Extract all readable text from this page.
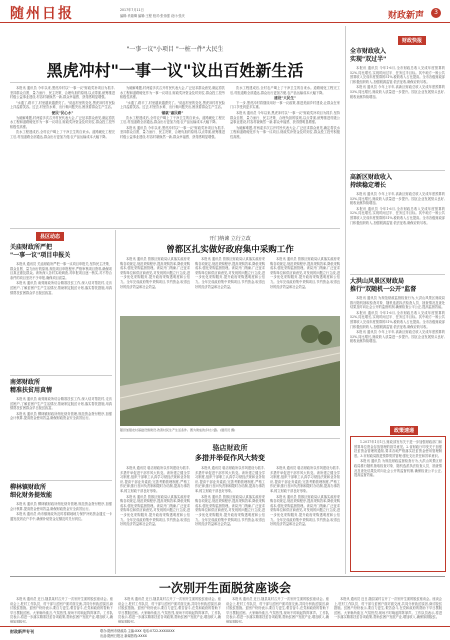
随州日报	2017年7月11日
编辑:肖瑞卿 编辑:王程 校对:张伟强 设计:张庆	财政新声	3
"一事一议"小项目 "一桩一件"大民生
黑虎冲村"一事一议"议出百姓新生活

本报讯 通讯员 今年以来,黑虎冲村以"一事一议"财政奖补项目为抓手,坚持群众自愿、量力而行、民主决策、合理负担的原则,以点带面,统筹推进村级公益事业建设,村容村貌焕然一新,群众幸福感、获得感明显增强。

"水通了,路平了,村里越来越漂亮了。"说起村里的变化,黑虎冲村村民脸上洋溢着笑容。过去,村里饮水难、出行难问题突出,困扰着群众生产生活。

便民"民心水"

为破解难题,村两委多次召开村民代表大会,广泛征求群众意见,确定将饮水工程和道路硬化作为一事一议项目,财政奖补资金及时到位,群众投工投劳积极性高涨。

饮水工程建成后,全村农户喝上了干净卫生的自来水。道路硬化工程完工后,村组道路全部通达,群众出行更加方便,农产品运输成本大幅下降。

为破解难题,村两委多次召开村民代表大会,广泛征求群众意见,确定将饮水工程和道路硬化作为一事一议项目,财政奖补资金及时到位,群众投工投劳积极性高涨。

"水通了,路平了,村里越来越漂亮了。"说起村里的变化,黑虎冲村村民脸上洋溢着笑容。过去,村里饮水难、出行难问题突出,困扰着群众生产生活。

铺就"惠民路"

饮水工程建成后,全村农户喝上了干净卫生的自来水。道路硬化工程完工后,村组道路全部通达,群众出行更加方便,农产品运输成本大幅下降。

本报讯 通讯员 今年以来,黑虎冲村以"一事一议"财政奖补项目为抓手,坚持群众自愿、量力而行、民主决策、合理负担的原则,以点带面,统筹推进村级公益事业建设,村容村貌焕然一新,群众幸福感、获得感明显增强。

饮水工程建成后,全村农户喝上了干净卫生的自来水。道路硬化工程完工后,村组道路全部通达,群众出行更加方便,农产品运输成本大幅下降。

建设"大民生"

下一步,黑虎冲村将继续用好一事一议政策,推进美丽乡村建设,让群众在家门口享受到更多实惠。

本报讯 通讯员 今年以来,黑虎冲村以"一事一议"财政奖补项目为抓手,坚持群众自愿、量力而行、民主决策、合理负担的原则,以点带面,统筹推进村级公益事业建设,村容村貌焕然一新,群众幸福感、获得感明显增强。

为破解难题,村两委多次召开村民代表大会,广泛征求群众意见,确定将饮水工程和道路硬化作为一事一议项目,财政奖补资金及时到位,群众投工投劳积极性高涨。

财政快报
全市财政收入
实现"双过半"

本报讯 通讯员 今年1-6月,全市财政总收入完成年度预算的52%,同比增长,实现时间过半、任务过半目标。其中地方一般公共预算收入完成年度预算的51%,税收收入占比提高。全市各级财政部门积极组织收入,加强税源监管,依法征收,确保应收尽收。

本报讯 通讯员 今年上半年,高新区财政总收入完成年度预算的53%,同比增长,财政收入质量进一步提升。园区企业发展势头良好,税收贡献持续增加。

高新区财政收入
持续稳定增长

本报讯 通讯员 今年上半年,高新区财政总收入完成年度预算的53%,同比增长,财政收入质量进一步提升。园区企业发展势头良好,税收贡献持续增加。

本报讯 通讯员 今年1-6月,全市财政总收入完成年度预算的52%,同比增长,实现时间过半、任务过半目标。其中地方一般公共预算收入完成年度预算的51%,税收收入占比提高。全市各级财政部门积极组织收入,加强税源监管,依法征收,确保应收尽收。

大洪山风景区财政局
推行"双随机一公开"监督

本报讯 通讯员 为规范财政监督检查行为,大洪山风景区财政局推行随机抽取检查对象、随机选派执法检查人员、抽查情况及查处结果及时向社会公开的监督机制,确保检查公平公正,提高监督效能。

本报讯 通讯员 今年1-6月,全市财政总收入完成年度预算的52%,同比增长,实现时间过半、任务过半目标。其中地方一般公共预算收入完成年度预算的51%,税收收入占比提高。全市各级财政部门积极组织收入,加强税源监管,依法征收,确保应收尽收。

本报讯 通讯员 今年上半年,高新区财政总收入完成年度预算的53%,同比增长,财政收入质量进一步提升。园区企业发展势头良好,税收贡献持续增加。

政策速递

1.2017年1月1日,财政部发布关于进一步加强财政部门和预算单位资金存放管理的指导意见。2.省财政厅印发关于加强扶贫资金管理的通知,要求各地严格落实扶贫资金使用管理制度。3.市财政局推进预算绩效管理,强化支出责任和效率意识。

本报讯 通讯员 为规范财政监督检查行为,大洪山风景区财政局推行随机抽取检查对象、随机选派执法检查人员、抽查情况及查处结果及时向社会公开的监督机制,确保检查公平公正,提高监督效能。

县区动态
关庙财政所严把
"一事一议"项目申报关

本报讯 通讯员 关庙财政所严把一事一议项目申报关,坚持民主决策、群众自愿、量力而行的原则,规范项目申报程序,严格审核项目资料,确保项目真正惠及群众。该所深入各村实地调查,对申报项目逐一核实,对不符合条件的项目坚决不予申报,确保项目质量。

本报讯 通讯员 南郊财政所结合精准扶贫工作,深入结对帮扶村,走访贫困户,了解贫困户生产生活情况,帮助制定脱贫计划,落实帮扶措施,用真情帮扶贫困群众早日脱贫致富。

南郊财政所
精准扶贫用真情

本报讯 通讯员 南郊财政所结合精准扶贫工作,深入结对帮扶村,走访贫困户,了解贫困户生产生活情况,帮助制定脱贫计划,落实帮扶措施,用真情帮扶贫困群众早日脱贫致富。

本报讯 通讯员 柳林镇财政所细化财务管理,规范资金拨付程序,加强会计核算,提高资金使用效益,确保财政资金安全高效运行。

柳林镇财政所
细化财务提效能

本报讯 通讯员 柳林镇财政所细化财务管理,规范资金拨付程序,加强会计核算,提高资金使用效益,确保财政资金安全高效运行。

本报讯 通讯员 尚市镇财政所及时将耕地地力保护补贴资金通过一卡通发放到农户手中,确保补贴资金足额及时兑付到位。

开门纳谏 立行立改
曾都区扎实做好政府集中采购工作

本报讯 通讯员 曾都区财政局认真落实政府采购各项规定,规范采购程序,提高采购效率,降低采购成本,强化采购监督管理。该局开门纳谏,广泛征求采购单位和供应商意见,对发现的问题立行立改,进一步优化采购服务,提升政府采购透明度和公信力。全年完成政府集中采购项目,节约资金,取得良好的经济效益和社会效益。

本报讯 通讯员 曾都区财政局认真落实政府采购各项规定,规范采购程序,提高采购效率,降低采购成本,强化采购监督管理。该局开门纳谏,广泛征求采购单位和供应商意见,对发现的问题立行立改,进一步优化采购服务,提升政府采购透明度和公信力。全年完成政府集中采购项目,节约资金,取得良好的经济效益和社会效益。

本报讯 通讯员 曾都区财政局认真落实政府采购各项规定,规范采购程序,提高采购效率,降低采购成本,强化采购监督管理。该局开门纳谏,广泛征求采购单位和供应商意见,对发现的问题立行立改,进一步优化采购服务,提升政府采购透明度和公信力。全年完成政府集中采购项目,节约资金,取得良好的经济效益和社会效益。

随县加强农村基础设施建设,改善村民生产生活条件。图为建成的乡村公路。(通讯员 摄)
骆店财政所
多措并举促作风大转变

本报讯 通讯员 骆店财政所以作风建设为抓手,多措并举促进干部作风大转变。该所建立健全学习制度,组织干部职工认真学习财经法规和业务知识,提高干部业务素质;完善考勤管理制度,严格工作纪律;推行首问负责制和限时办结制,提高办事效率,树立财政干部良好形象。

本报讯 通讯员 曾都区财政局认真落实政府采购各项规定,规范采购程序,提高采购效率,降低采购成本,强化采购监督管理。该局开门纳谏,广泛征求采购单位和供应商意见,对发现的问题立行立改,进一步优化采购服务,提升政府采购透明度和公信力。全年完成政府集中采购项目,节约资金,取得良好的经济效益和社会效益。

本报讯 通讯员 骆店财政所以作风建设为抓手,多措并举促进干部作风大转变。该所建立健全学习制度,组织干部职工认真学习财经法规和业务知识,提高干部业务素质;完善考勤管理制度,严格工作纪律;推行首问负责制和限时办结制,提高办事效率,树立财政干部良好形象。

本报讯 通讯员 曾都区财政局认真落实政府采购各项规定,规范采购程序,提高采购效率,降低采购成本,强化采购监督管理。该局开门纳谏,广泛征求采购单位和供应商意见,对发现的问题立行立改,进一步优化采购服务,提升政府采购透明度和公信力。全年完成政府集中采购项目,节约资金,取得良好的经济效益和社会效益。

本报讯 通讯员 骆店财政所以作风建设为抓手,多措并举促进干部作风大转变。该所建立健全学习制度,组织干部职工认真学习财经法规和业务知识,提高干部业务素质;完善考勤管理制度,严格工作纪律;推行首问负责制和限时办结制,提高办事效率,树立财政干部良好形象。

本报讯 通讯员 曾都区财政局认真落实政府采购各项规定,规范采购程序,提高采购效率,降低采购成本,强化采购监督管理。该局开门纳谏,广泛征求采购单位和供应商意见,对发现的问题立行立改,进一步优化采购服务,提升政府采购透明度和公信力。全年完成政府集中采购项目,节约资金,取得良好的经济效益和社会效益。

一次别开生面脱贫座谈会

本报讯 通讯员 近日,随县某村召开了一次别开生面的脱贫座谈会。座谈会上,驻村工作队员、村干部与贫困户面对面交流,共同分析致贫原因,商讨脱贫措施。贫困户纷纷表示,要自力更生,艰苦奋斗,在党和政府的帮助下早日摆脱贫困。大家畅所欲言,气氛热烈,现场不时响起阵阵掌声。工作队员表示,将进一步落实精准扶贫各项政策,帮助贫困户发展产业,增加收入,确保如期脱贫。

本报讯 通讯员 近日,随县某村召开了一次别开生面的脱贫座谈会。座谈会上,驻村工作队员、村干部与贫困户面对面交流,共同分析致贫原因,商讨脱贫措施。贫困户纷纷表示,要自力更生,艰苦奋斗,在党和政府的帮助下早日摆脱贫困。大家畅所欲言,气氛热烈,现场不时响起阵阵掌声。工作队员表示,将进一步落实精准扶贫各项政策,帮助贫困户发展产业,增加收入,确保如期脱贫。

本报讯 通讯员 近日,随县某村召开了一次别开生面的脱贫座谈会。座谈会上,驻村工作队员、村干部与贫困户面对面交流,共同分析致贫原因,商讨脱贫措施。贫困户纷纷表示,要自力更生,艰苦奋斗,在党和政府的帮助下早日摆脱贫困。大家畅所欲言,气氛热烈,现场不时响起阵阵掌声。工作队员表示,将进一步落实精准扶贫各项政策,帮助贫困户发展产业,增加收入,确保如期脱贫。

本报讯 通讯员 近日,随县某村召开了一次别开生面的脱贫座谈会。座谈会上,驻村工作队员、村干部与贫困户面对面交流,共同分析致贫原因,商讨脱贫措施。贫困户纷纷表示,要自力更生,艰苦奋斗,在党和政府的帮助下早日摆脱贫困。大家畅所欲言,气氛热烈,现场不时响起阵阵掌声。工作队员表示,将进一步落实精准扶贫各项政策,帮助贫困户发展产业,增加收入,确保如期脱贫。

财政新声专刊	联办:随州市财政局 主编:XXX 电话:0722-XXXXXXX
出品:随州日报社 新闻热线:XXXX
